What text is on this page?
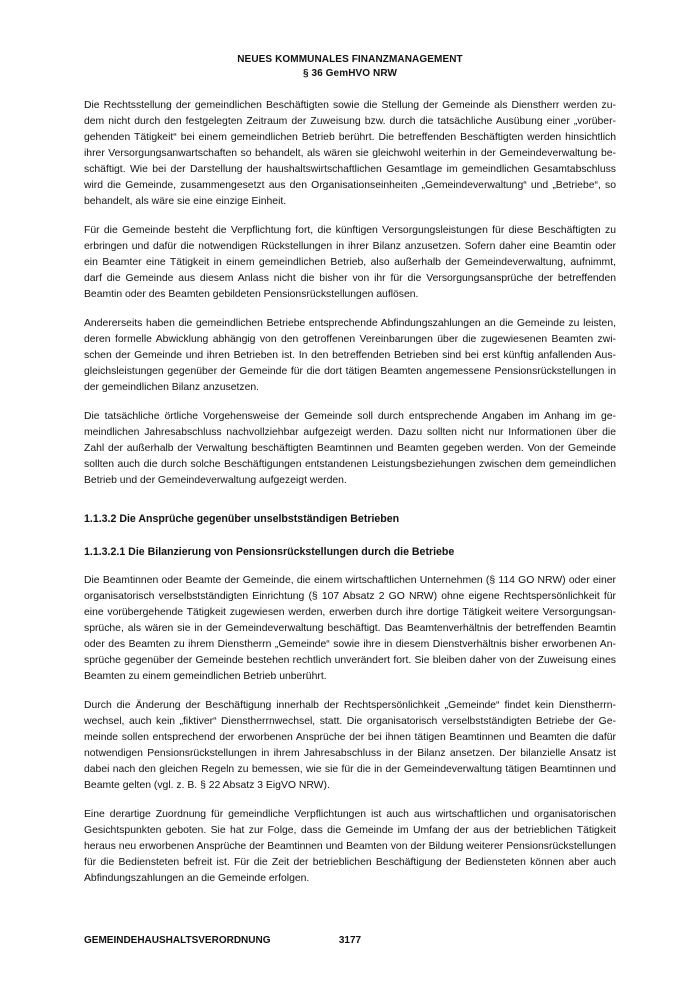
NEUES KOMMUNALES FINANZMANAGEMENT
§ 36 GemHVO NRW

Die Rechtsstellung der gemeindlichen Beschäftigten sowie die Stellung der Gemeinde als Dienstherr werden zudem nicht durch den festgelegten Zeitraum der Zuweisung bzw. durch die tatsächliche Ausübung einer „vorübergehenden Tätigkeit“ bei einem gemeindlichen Betrieb berührt. Die betreffenden Beschäftigten werden hinsichtlich ihrer Versorgungsanwartschaften so behandelt, als wären sie gleichwohl weiterhin in der Gemeindeverwaltung beschäftigt. Wie bei der Darstellung der haushaltswirtschaftlichen Gesamtlage im gemeindlichen Gesamtabschluss wird die Gemeinde, zusammengesetzt aus den Organisationseinheiten „Gemeindeverwaltung“ und „Betriebe“, so behandelt, als wäre sie eine einzige Einheit.

Für die Gemeinde besteht die Verpflichtung fort, die künftigen Versorgungsleistungen für diese Beschäftigten zu erbringen und dafür die notwendigen Rückstellungen in ihrer Bilanz anzusetzen. Sofern daher eine Beamtin oder ein Beamter eine Tätigkeit in einem gemeindlichen Betrieb, also außerhalb der Gemeindeverwaltung, aufnimmt, darf die Gemeinde aus diesem Anlass nicht die bisher von ihr für die Versorgungsansprüche der betreffenden Beamtin oder des Beamten gebildeten Pensionsrückstellungen auflösen.

Andererseits haben die gemeindlichen Betriebe entsprechende Abfindungszahlungen an die Gemeinde zu leisten, deren formelle Abwicklung abhängig von den getroffenen Vereinbarungen über die zugewiesenen Beamten zwischen der Gemeinde und ihren Betrieben ist. In den betreffenden Betrieben sind bei erst künftig anfallenden Ausgleichsleistungen gegenüber der Gemeinde für die dort tätigen Beamten angemessene Pensionsrückstellungen in der gemeindlichen Bilanz anzusetzen.

Die tatsächliche örtliche Vorgehensweise der Gemeinde soll durch entsprechende Angaben im Anhang im gemeindlichen Jahresabschluss nachvollziehbar aufgezeigt werden. Dazu sollten nicht nur Informationen über die Zahl der außerhalb der Verwaltung beschäftigten Beamtinnen und Beamten gegeben werden. Von der Gemeinde sollten auch die durch solche Beschäftigungen entstandenen Leistungsbeziehungen zwischen dem gemeindlichen Betrieb und der Gemeindeverwaltung aufgezeigt werden.

1.1.3.2 Die Ansprüche gegenüber unselbstständigen Betrieben
1.1.3.2.1 Die Bilanzierung von Pensionsrückstellungen durch die Betriebe

Die Beamtinnen oder Beamte der Gemeinde, die einem wirtschaftlichen Unternehmen (§ 114 GO NRW) oder einer organisatorisch verselbstständigten Einrichtung (§ 107 Absatz 2 GO NRW) ohne eigene Rechtspersönlichkeit für eine vorübergehende Tätigkeit zugewiesen werden, erwerben durch ihre dortige Tätigkeit weitere Versorgungsansprüche, als wären sie in der Gemeindeverwaltung beschäftigt. Das Beamtenverhältnis der betreffenden Beamtin oder des Beamten zu ihrem Dienstherrn „Gemeinde“ sowie ihre in diesem Dienstverhältnis bisher erworbenen Ansprüche gegenüber der Gemeinde bestehen rechtlich unverändert fort. Sie bleiben daher von der Zuweisung eines Beamten zu einem gemeindlichen Betrieb unberührt.

Durch die Änderung der Beschäftigung innerhalb der Rechtspersönlichkeit „Gemeinde“ findet kein Dienstherrnwechsel, auch kein „fiktiver“ Dienstherrnwechsel, statt. Die organisatorisch verselbstständigten Betriebe der Gemeinde sollen entsprechend der erworbenen Ansprüche der bei ihnen tätigen Beamtinnen und Beamten die dafür notwendigen Pensionsrückstellungen in ihrem Jahresabschluss in der Bilanz ansetzen. Der bilanzielle Ansatz ist dabei nach den gleichen Regeln zu bemessen, wie sie für die in der Gemeindeverwaltung tätigen Beamtinnen und Beamte gelten (vgl. z. B. § 22 Absatz 3 EigVO NRW).

Eine derartige Zuordnung für gemeindliche Verpflichtungen ist auch aus wirtschaftlichen und organisatorischen Gesichtspunkten geboten. Sie hat zur Folge, dass die Gemeinde im Umfang der aus der betrieblichen Tätigkeit heraus neu erworbenen Ansprüche der Beamtinnen und Beamten von der Bildung weiterer Pensionsrückstellungen für die Bediensteten befreit ist. Für die Zeit der betrieblichen Beschäftigung der Bediensteten können aber auch Abfindungszahlungen an die Gemeinde erfolgen.

GEMEINDEHAUSHALTSVERORDNUNG	3177
